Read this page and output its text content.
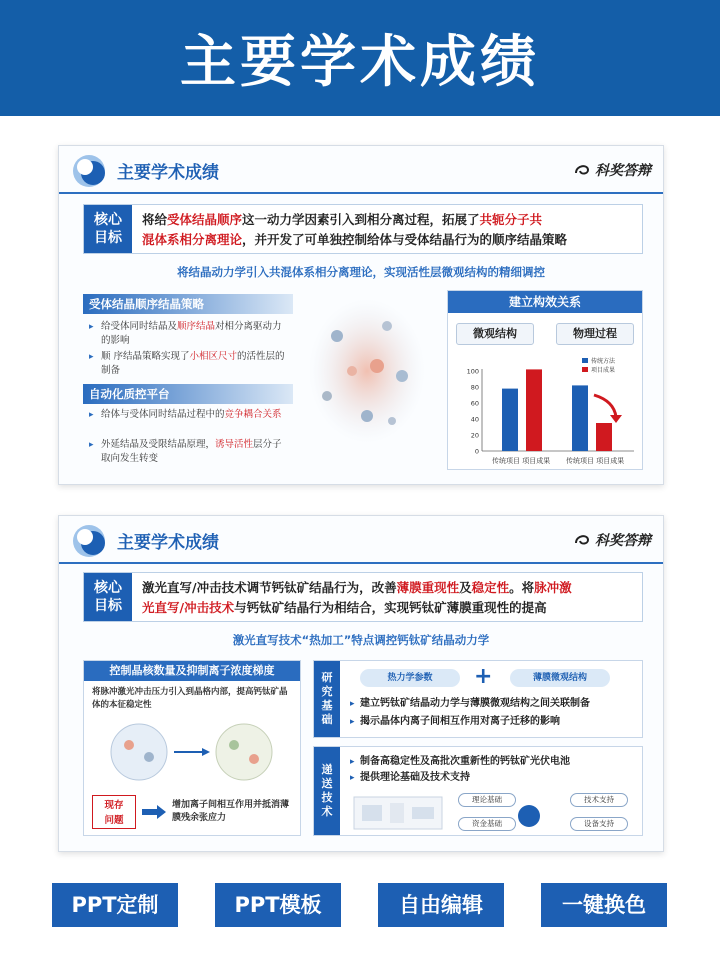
主要学术成绩
主要学术成绩	科奖答辩
核心
目标
将给受体结晶顺序这一动力学因素引入到相分离过程，拓展了共轭分子共
混体系相分离理论，并开发了可单独控制给体与受体结晶行为的顺序结晶策略
将结晶动力学引入共混体系相分离理论，实现活性层微观结构的精细调控
受体结晶顺序结晶策略
▸ 给受体同时结晶及顺序结晶对相分离驱动力的影响
▸ 顺 序结晶策略实现了小相区尺寸的活性层的制备
自动化质控平台
▸ 给体与受体同时结晶过程中的竞争耦合关系
▸ 外延结晶及受限结晶原理，诱导活性层分子取向发生转变
建立构效关系
微观结构	物理过程
0
20
40
60
80
100
传统方法
项目成果
传统项目 项目成果 传统项目 项目成果
主要学术成绩	科奖答辩
核心
目标
激光直写/冲击技术调节钙钛矿结晶行为，改善薄膜重现性及稳定性。将脉冲激
光直写/冲击技术与钙钛矿结晶行为相结合，实现钙钛矿薄膜重现性的提高
激光直写技术“热加工”特点调控钙钛矿结晶动力学
控制晶核数量及抑制离子浓度梯度
将脉冲激光冲击压力引入到晶格内部，提高钙钛矿晶体的本征稳定性
现存
问题
增加离子间相互作用并抵消薄膜残余张应力
研
究
基
础
热力学参数	+	薄膜微观结构
▸ 建立钙钛矿结晶动力学与薄膜微观结构之间关联制备
▸ 揭示晶体内离子间相互作用对离子迁移的影响
递
送
技
术
▸ 制备高稳定性及高批次重新性的钙钛矿光伏电池
▸ 提供理论基础及技术支持
理论基础	技术支持
资金基础	设备支持
PPT定制	PPT模板	自由编辑	一键换色
